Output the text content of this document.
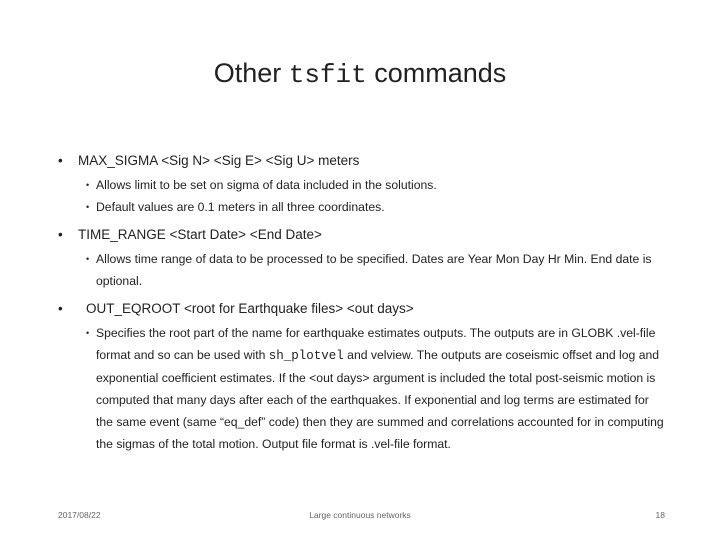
Other tsfit commands
• MAX_SIGMA <Sig N> <Sig E> <Sig U> meters
• Allows limit to be set on sigma of data included in the solutions.
• Default values are 0.1 meters in all three coordinates.
• TIME_RANGE <Start Date> <End Date>
• Allows time range of data to be processed to be specified. Dates are Year Mon Day Hr Min. End date is optional.
• OUT_EQROOT <root for Earthquake files> <out days>
• Specifies the root part of the name for earthquake estimates outputs. The outputs are in GLOBK .vel-file format and so can be used with sh_plotvel and velview. The outputs are coseismic offset and log and exponential coefficient estimates. If the <out days> argument is included the total post-seismic motion is computed that many days after each of the earthquakes. If exponential and log terms are estimated for the same event (same “eq_def” code) then they are summed and correlations accounted for in computing the sigmas of the total motion. Output file format is .vel-file format.
2017/08/22	Large continuous networks	18
